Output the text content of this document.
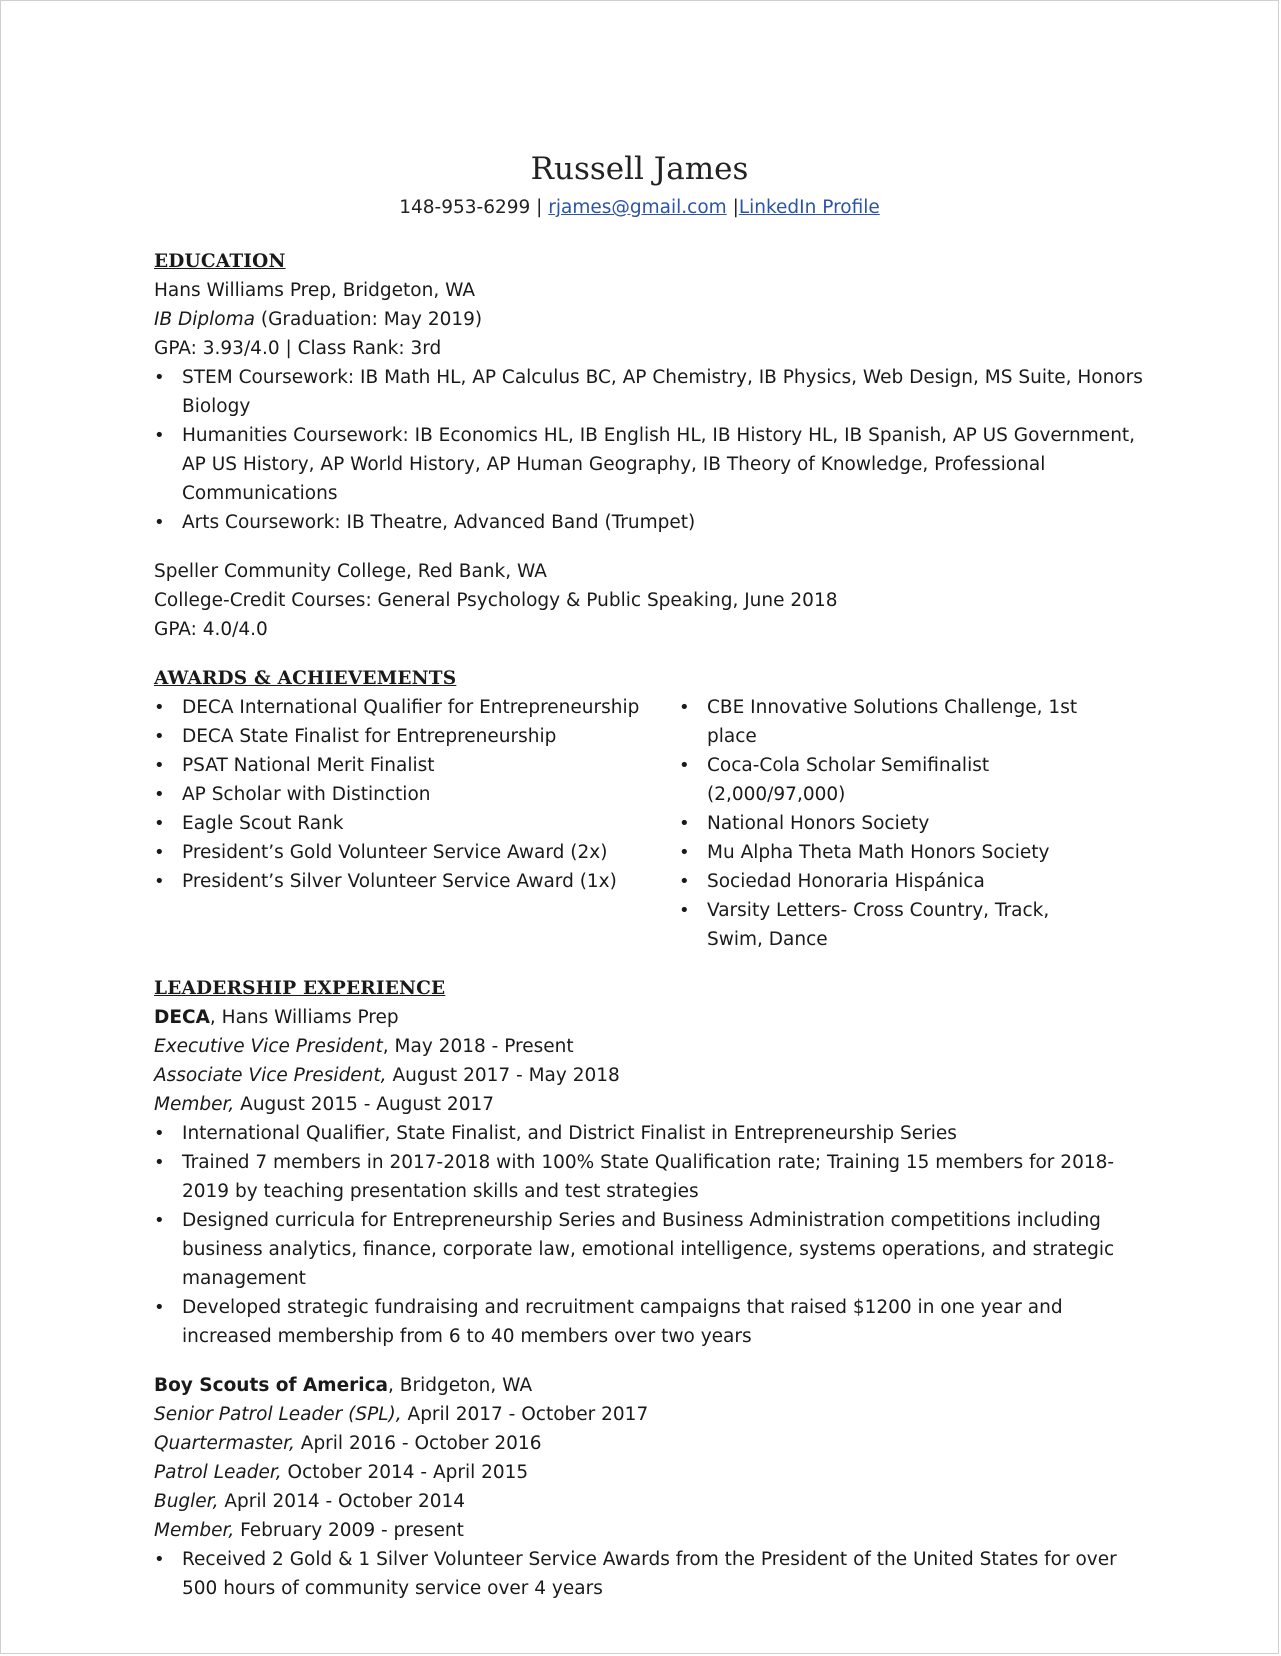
Russell James
148-953-6299 | rjames@gmail.com |LinkedIn Profile
EDUCATION
Hans Williams Prep, Bridgeton, WA
IB Diploma (Graduation: May 2019)
GPA: 3.93/4.0 | Class Rank: 3rd
• STEM Coursework: IB Math HL, AP Calculus BC, AP Chemistry, IB Physics, Web Design, MS Suite, Honors Biology
• Humanities Coursework: IB Economics HL, IB English HL, IB History HL, IB Spanish, AP US Government, AP US History, AP World History, AP Human Geography, IB Theory of Knowledge, Professional Communications
• Arts Coursework: IB Theatre, Advanced Band (Trumpet)
Speller Community College, Red Bank, WA
College-Credit Courses: General Psychology & Public Speaking, June 2018
GPA: 4.0/4.0
AWARDS & ACHIEVEMENTS
• DECA International Qualifier for Entrepreneurship
• DECA State Finalist for Entrepreneurship
• PSAT National Merit Finalist
• AP Scholar with Distinction
• Eagle Scout Rank
• President’s Gold Volunteer Service Award (2x)
• President’s Silver Volunteer Service Award (1x)
• CBE Innovative Solutions Challenge, 1st place
• Coca-Cola Scholar Semifinalist (2,000/97,000)
• National Honors Society
• Mu Alpha Theta Math Honors Society
• Sociedad Honoraria Hispánica
• Varsity Letters- Cross Country, Track, Swim, Dance
LEADERSHIP EXPERIENCE
DECA, Hans Williams Prep
Executive Vice President, May 2018 - Present
Associate Vice President, August 2017 - May 2018
Member, August 2015 - August 2017
• International Qualifier, State Finalist, and District Finalist in Entrepreneurship Series
• Trained 7 members in 2017-2018 with 100% State Qualification rate; Training 15 members for 2018-2019 by teaching presentation skills and test strategies
• Designed curricula for Entrepreneurship Series and Business Administration competitions including business analytics, finance, corporate law, emotional intelligence, systems operations, and strategic management
• Developed strategic fundraising and recruitment campaigns that raised $1200 in one year and increased membership from 6 to 40 members over two years
Boy Scouts of America, Bridgeton, WA
Senior Patrol Leader (SPL), April 2017 - October 2017
Quartermaster, April 2016 - October 2016
Patrol Leader, October 2014 - April 2015
Bugler, April 2014 - October 2014
Member, February 2009 - present
• Received 2 Gold & 1 Silver Volunteer Service Awards from the President of the United States for over 500 hours of community service over 4 years
